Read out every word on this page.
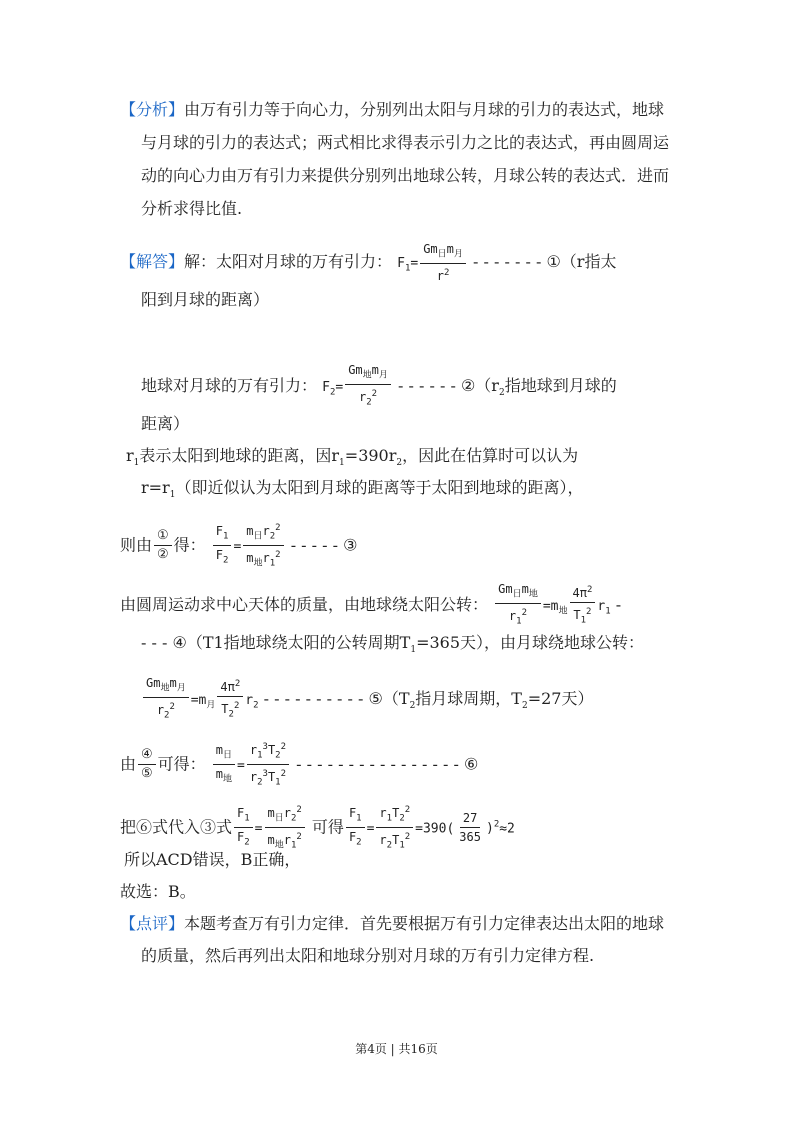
【分析】由万有引力等于向心力，分别列出太阳与月球的引力的表达式，地球
与月球的引力的表达式；两式相比求得表示引力之比的表达式，再由圆周运
动的向心力由万有引力来提供分别列出地球公转，月球公转的表达式．进而
分析求得比值.
【解答】解：太阳对月球的万有引力： $F_1= \frac{Gm_日m_月}{r^2}$ - - - - - - - ①（r指太
阳到月球的距离）
地球对月球的万有引力： $F_2= \frac{Gm_地m_月}{r_2^2}$ - - - - - - $②(r_2$指地球到月球的
距离）
$r_1$表示太阳到地球的距离，因$r_1=390r_2$，因此在估算时可以认为
$r=r_1$（即近似认为太阳到月球的距离等于太阳到地球的距离），
则由 $\frac{\text{①}}{\text{②}}$ 得： $\frac{F_1}{F_2} = \frac{m_日r_2^2}{m_地r_1^2}$ - - - - - ③
由圆周运动求中心天体的质量，由地球绕太阳公转： $\frac{Gm_日m_地}{r_1^2} =m_地 \frac{4\pi^2}{T_1^2} r_1$ -
- - - ④（T1指地球绕太阳的公转周期$T_1=365$天），由月球绕地球公转：
$\frac{Gm_地m_月}{r_2^2} =m_月 \frac{4\pi^2}{T_2^2} r_2$ - - - - - - - - - - $⑤(T_2$指月球周期，$T_2=27$天）
由 $\frac{\text{④}}{\text{⑤}}$ 可得： $\frac{m_日}{m_地} = \frac{r_1^3T_2^2}{r_2^3T_1^2}$ - - - - - - - - - - - - - - - - ⑥
把⑥式代入③式 $\frac{F_1}{F_2} = \frac{m_日r_2^2}{m_地r_1^2}$ 可得 $\frac{F_1}{F_2} = \frac{r_1T_2^2}{r_2T_1^2} =390( \frac{27}{365} )^2\approx 2$
所以ACD错误，B正确，
故选：B。
【点评】本题考查万有引力定律．首先要根据万有引力定律表达出太阳的地球
的质量，然后再列出太阳和地球分别对月球的万有引力定律方程.
第4页 | 共16页
